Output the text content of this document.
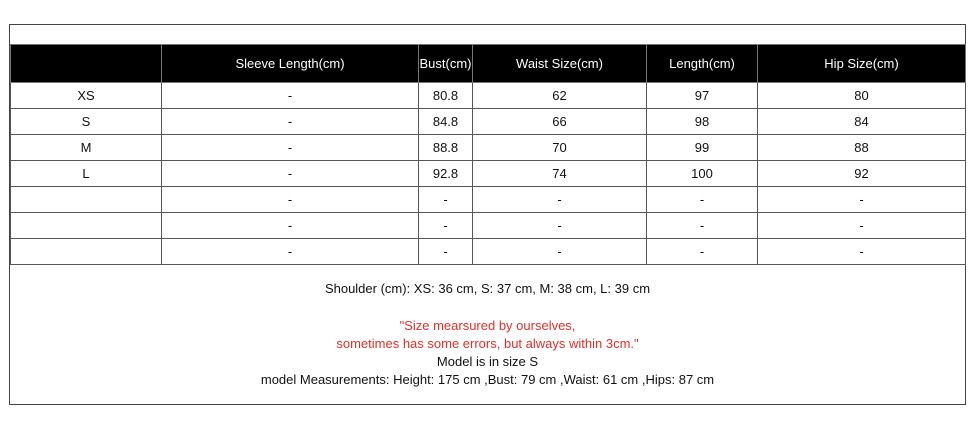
	Sleeve Length(cm)	Bust(cm)	Waist Size(cm)	Length(cm)	Hip Size(cm)
XS	-	80.8	62	97	80
S	-	84.8	66	98	84
M	-	88.8	70	99	88
L	-	92.8	74	100	92
	-	-	-	-	-
	-	-	-	-	-
	-	-	-	-	-
Shoulder (cm): XS: 36 cm, S: 37 cm, M: 38 cm, L: 39 cm
"Size mearsured by ourselves,
sometimes has some errors, but always within 3cm."
Model is in size S
model Measurements: Height: 175 cm ,Bust: 79 cm ,Waist: 61 cm ,Hips: 87 cm
